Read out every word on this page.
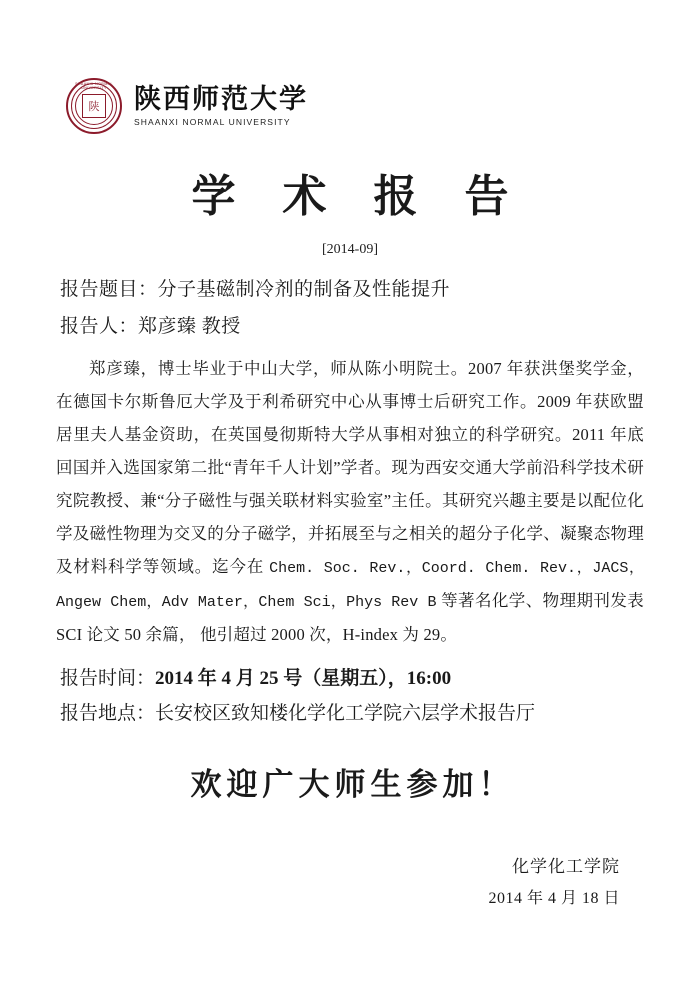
SHAANXI NORMAL UNIVERSITY
陕 陕西师范大学
SHAANXI NORMAL UNIVERSITY
学 术 报 告
[2014-09]
报告题目：分子基磁制冷剂的制备及性能提升
报告人：郑彦臻 教授
郑彦臻，博士毕业于中山大学，师从陈小明院士。2007 年获洪堡奖学金，在德国卡尔斯鲁厄大学及于利希研究中心从事博士后研究工作。2009 年获欧盟居里夫人基金资助，在英国曼彻斯特大学从事相对独立的科学研究。2011 年底回国并入选国家第二批“青年千人计划”学者。现为西安交通大学前沿科学技术研究院教授、兼“分子磁性与强关联材料实验室”主任。其研究兴趣主要是以配位化学及磁性物理为交叉的分子磁学，并拓展至与之相关的超分子化学、凝聚态物理及材料科学等领域。迄今在 Chem. Soc. Rev.，Coord. Chem. Rev.，JACS，Angew Chem，Adv Mater，Chem Sci，Phys Rev B 等著名化学、物理期刊发表 SCI 论文 50 余篇， 他引超过 2000 次，H-index 为 29。
报告时间：2014 年 4 月 25 号（星期五），16:00
报告地点：长安校区致知楼化学化工学院六层学术报告厅
欢迎广大师生参加！
化学化工学院
2014 年 4 月 18 日
